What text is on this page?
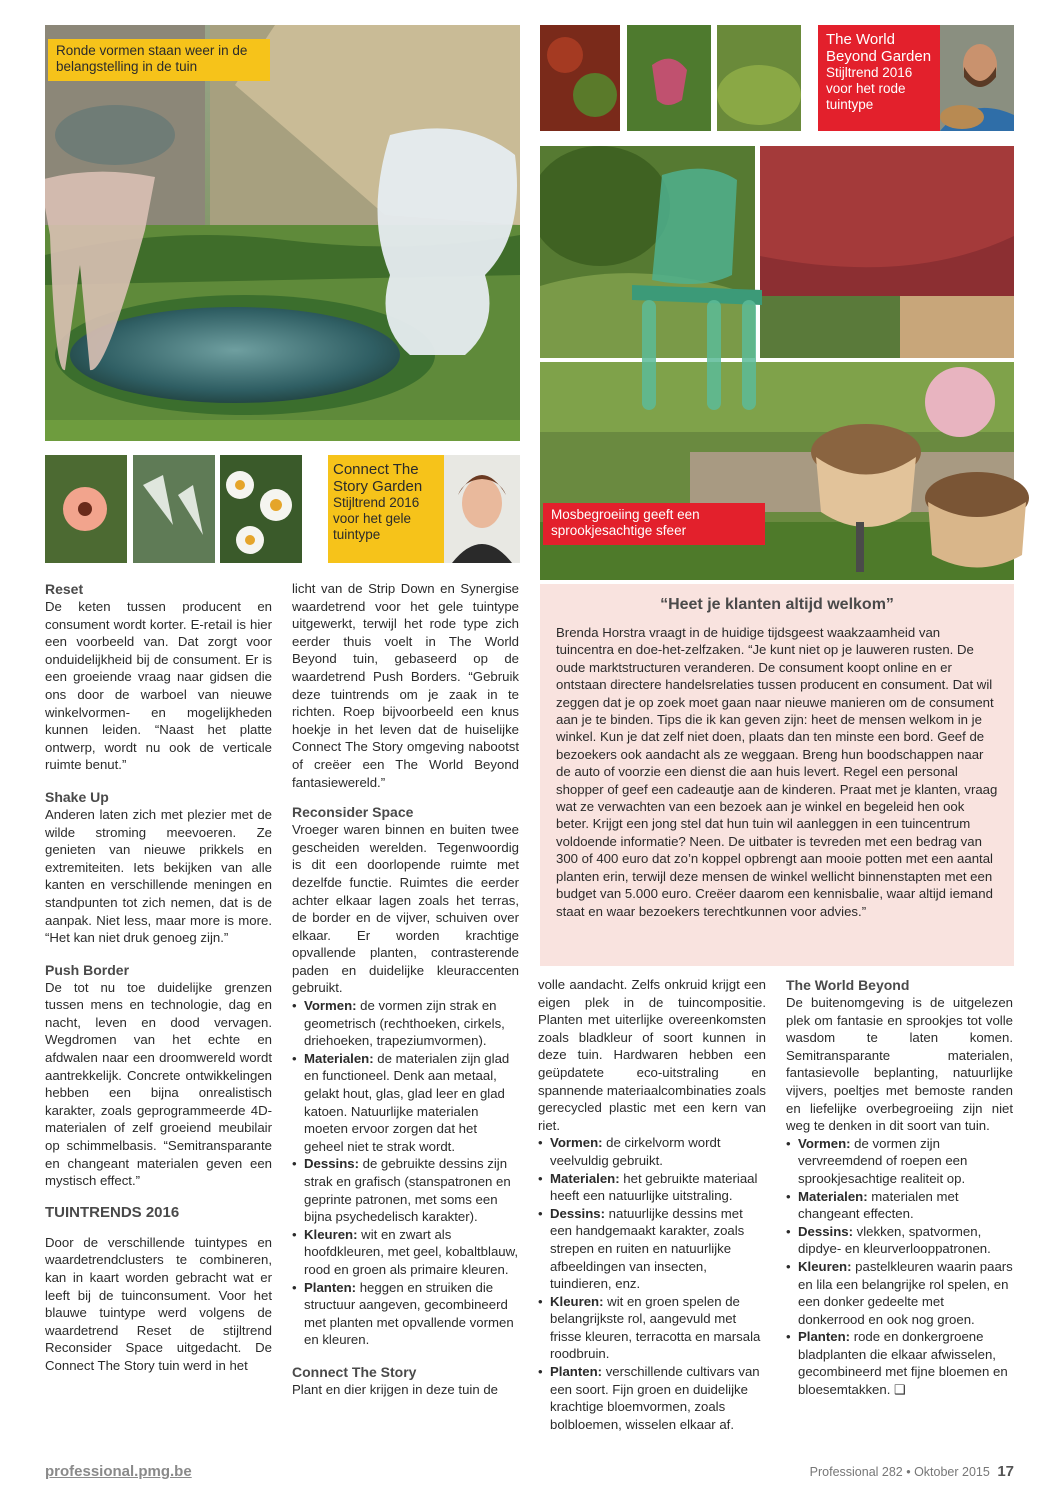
Ronde vormen staan weer in de belangstelling in de tuin
Connect The Story Garden
Stijltrend 2016 voor het gele tuintype
The World Beyond Garden
Stijltrend 2016 voor het rode tuintype
Mosbegroeiing geeft een sprookjesachtige sfeer
Reset

De keten tussen producent en consument wordt korter. E-retail is hier een voorbeeld van. Dat zorgt voor onduidelijkheid bij de consument. Er is een groeiende vraag naar gidsen die ons door de warboel van nieuwe winkelvormen- en mogelijkheden kunnen leiden. “Naast het platte ontwerp, wordt nu ook de verticale ruimte benut.”

Shake Up

Anderen laten zich met plezier met de wilde stroming meevoeren. Ze genieten van nieuwe prikkels en extremiteiten. Iets bekijken van alle kanten en verschillende meningen en standpunten tot zich nemen, dat is de aanpak. Niet less, maar more is more. “Het kan niet druk genoeg zijn.”

Push Border

De tot nu toe duidelijke grenzen tussen mens en technologie, dag en nacht, leven en dood vervagen. Wegdromen van het echte en afdwalen naar een droomwereld wordt aantrekkelijk. Concrete ontwikkelingen hebben een bijna onrealistisch karakter, zoals geprogrammeerde 4D-materialen of zelf groeiend meubilair op schimmelbasis. “Semitransparante en changeant materialen geven een mystisch effect.”

TUINTRENDS 2016

Door de verschillende tuintypes en waardetrendclusters te combineren, kan in kaart worden gebracht wat er leeft bij de tuinconsument. Voor het blauwe tuintype werd volgens de waardetrend Reset de stijltrend Reconsider Space uitgedacht. De Connect The Story tuin werd in het

licht van de Strip Down en Synergise waardetrend voor het gele tuintype uitgewerkt, terwijl het rode type zich eerder thuis voelt in The World Beyond tuin, gebaseerd op de waardetrend Push Borders. “Gebruik deze tuintrends om je zaak in te richten. Roep bijvoorbeeld een knus hoekje in het leven dat de huiselijke Connect The Story omgeving nabootst of creëer een The World Beyond fantasiewereld.”

Reconsider Space

Vroeger waren binnen en buiten twee gescheiden werelden. Tegenwoordig is dit een doorlopende ruimte met dezelfde functie. Ruimtes die eerder achter elkaar lagen zoals het terras, de border en de vijver, schuiven over elkaar. Er worden krachtige opvallende planten, contrasterende paden en duidelijke kleuraccenten gebruikt.

• Vormen: de vormen zijn strak en geometrisch (rechthoeken, cirkels, driehoeken, trapeziumvormen).
• Materialen: de materialen zijn glad en functioneel. Denk aan metaal, gelakt hout, glas, glad leer en glad katoen. Natuurlijke materialen moeten ervoor zorgen dat het geheel niet te strak wordt.
• Dessins: de gebruikte dessins zijn strak en grafisch (stanspatronen en geprinte patronen, met soms een bijna psychedelisch karakter).
• Kleuren: wit en zwart als hoofdkleuren, met geel, kobaltblauw, rood en groen als primaire kleuren.
• Planten: heggen en struiken die structuur aangeven, gecombineerd met planten met opvallende vormen en kleuren.
Connect The Story

Plant en dier krijgen in deze tuin de

“Heet je klanten altijd welkom”

Brenda Horstra vraagt in de huidige tijdsgeest waakzaamheid van tuincentra en doe-het-zelfzaken. “Je kunt niet op je lauweren rusten. De oude marktstructuren veranderen. De consument koopt online en er ontstaan directere handelsrelaties tussen producent en consument. Dat wil zeggen dat je op zoek moet gaan naar nieuwe manieren om de consument aan je te binden. Tips die ik kan geven zijn: heet de mensen welkom in je winkel. Kun je dat zelf niet doen, plaats dan ten minste een bord. Geef de bezoekers ook aandacht als ze weggaan. Breng hun boodschappen naar de auto of voorzie een dienst die aan huis levert. Regel een personal shopper of geef een cadeautje aan de kinderen. Praat met je klanten, vraag wat ze verwachten van een bezoek aan je winkel en begeleid hen ook beter. Krijgt een jong stel dat hun tuin wil aanleggen in een tuincentrum voldoende informatie? Neen. De uitbater is tevreden met een bedrag van 300 of 400 euro dat zo’n koppel opbrengt aan mooie potten met een aantal planten erin, terwijl deze mensen de winkel wellicht binnenstapten met een budget van 5.000 euro. Creëer daarom een kennisbalie, waar altijd iemand staat en waar bezoekers terechtkunnen voor advies.”

volle aandacht. Zelfs onkruid krijgt een eigen plek in de tuincompositie. Planten met uiterlijke overeenkomsten zoals bladkleur of soort kunnen in deze tuin. Hardwaren hebben een geüpdatete eco-uitstraling en spannende materiaalcombinaties zoals gerecycled plastic met een kern van riet.

• Vormen: de cirkelvorm wordt veelvuldig gebruikt.
• Materialen: het gebruikte materiaal heeft een natuurlijke uitstraling.
• Dessins: natuurlijke dessins met een handgemaakt karakter, zoals strepen en ruiten en natuurlijke afbeeldingen van insecten, tuindieren, enz.
• Kleuren: wit en groen spelen de belangrijkste rol, aangevuld met frisse kleuren, terracotta en marsala roodbruin.
• Planten: verschillende cultivars van een soort. Fijn groen en duidelijke krachtige bloemvormen, zoals bolbloemen, wisselen elkaar af.
The World Beyond

De buitenomgeving is de uitgelezen plek om fantasie en sprookjes tot volle wasdom te laten komen. Semitransparante materialen, fantasievolle beplanting, natuurlijke vijvers, poeltjes met bemoste randen en liefelijke overbegroeiing zijn niet weg te denken in dit soort van tuin.

• Vormen: de vormen zijn vervreemdend of roepen een sprookjesachtige realiteit op.
• Materialen: materialen met changeant effecten.
• Dessins: vlekken, spatvormen, dipdye- en kleurverlooppatronen.
• Kleuren: pastelkleuren waarin paars en lila een belangrijke rol spelen, en een donker gedeelte met donkerrood en ook nog groen.
• Planten: rode en donkergroene bladplanten die elkaar afwisselen, gecombineerd met fijne bloemen en bloesemtakken. ❑
professional.pmg.be	Professional 282 • Oktober 2015 17
